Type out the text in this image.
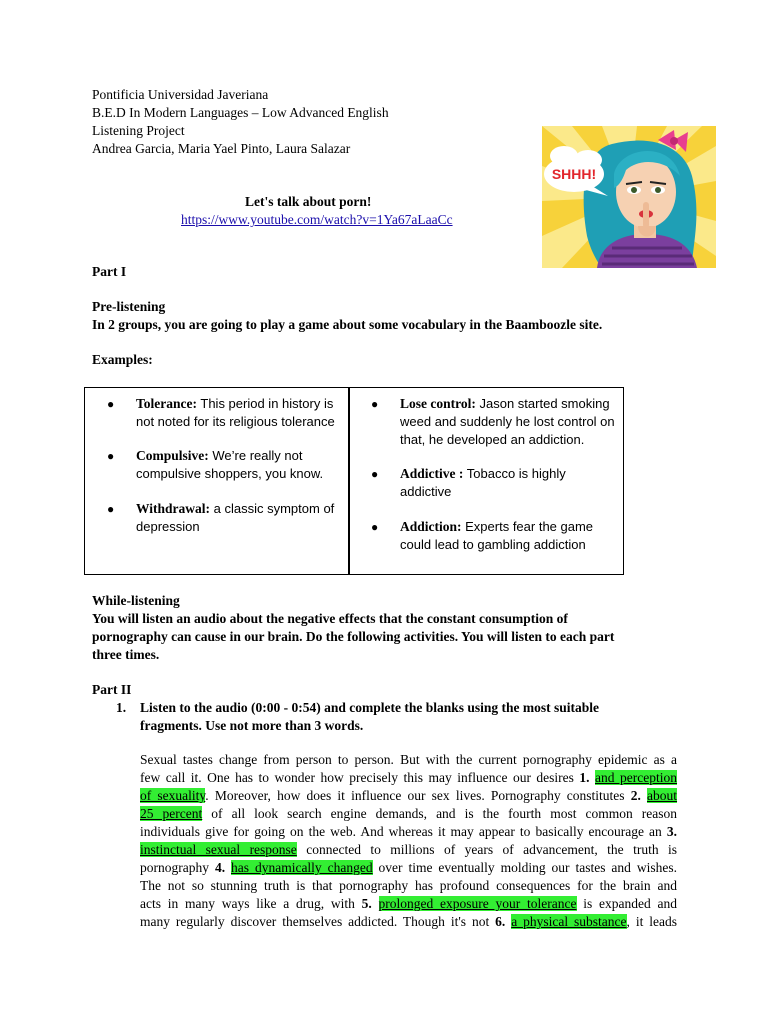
Pontificia Universidad Javeriana
B.E.D In Modern Languages – Low Advanced English
Listening Project
Andrea Garcia, Maria Yael Pinto, Laura Salazar
Let's talk about porn!
https://www.youtube.com/watch?v=1Ya67aLaaCc
SHHH!
Part I
Pre-listening
In 2 groups, you are going to play a game about some vocabulary in the Baamboozle site.
Examples:
● Tolerance: This period in history is
not noted for its religious tolerance
● Compulsive: We’re really not
compulsive shoppers, you know.
● Withdrawal: a classic symptom of
depression
● Lose control: Jason started smoking
weed and suddenly he lost control on
that, he developed an addiction.
● Addictive : Tobacco is highly
addictive
● Addiction: Experts fear the game
could lead to gambling addiction
While-listening
You will listen an audio about the negative effects that the constant consumption of
pornography can cause in our brain. Do the following activities. You will listen to each part
three times.
Part II
1. Listen to the audio (0:00 - 0:54) and complete the blanks using the most suitable
fragments. Use not more than 3 words.
Sexual tastes change from person to person. But with the current pornography epidemic as a
few call it. One has to wonder how precisely this may influence our desires 1. and perception
of sexuality. Moreover, how does it influence our sex lives. Pornography constitutes 2. about
25 percent of all look search engine demands, and is the fourth most common reason
individuals give for going on the web. And whereas it may appear to basically encourage an 3.
instinctual sexual response connected to millions of years of advancement, the truth is
pornography 4. has dynamically changed over time eventually molding our tastes and wishes.
The not so stunning truth is that pornography has profound consequences for the brain and
acts in many ways like a drug, with 5. prolonged exposure your tolerance is expanded and
many regularly discover themselves addicted. Though it's not 6. a physical substance, it leads
